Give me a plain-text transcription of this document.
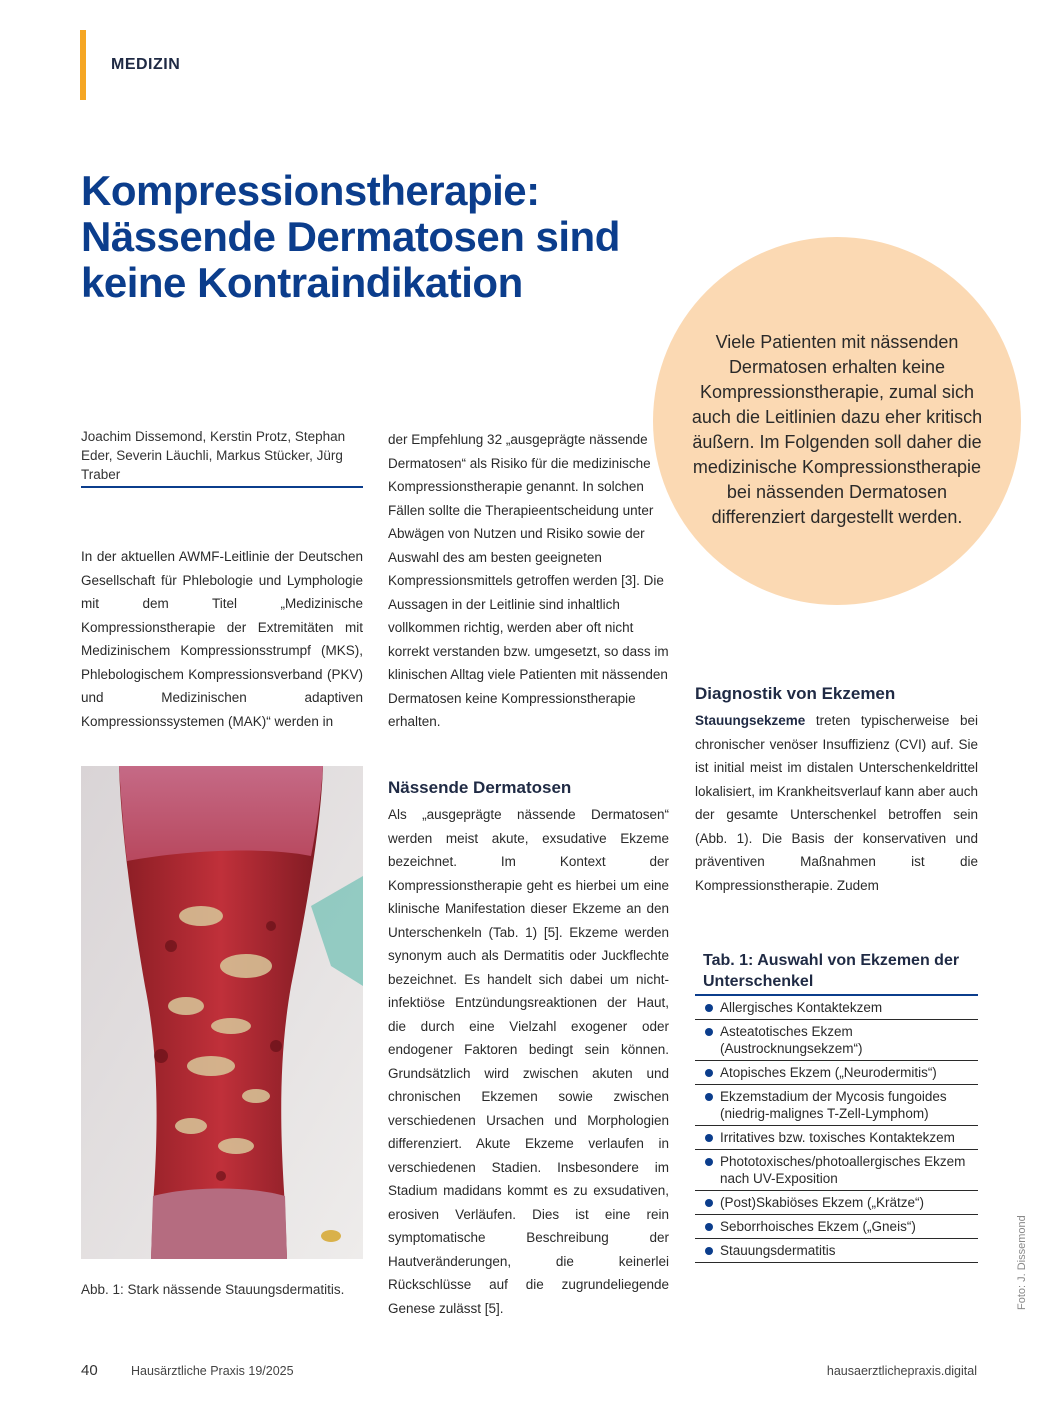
MEDIZIN
Kompressionstherapie: Nässende Dermatosen sind keine Kontraindikation

Viele Patienten mit nässenden Dermatosen erhalten keine Kompressionstherapie, zumal sich auch die Leitlinien dazu eher kritisch äußern. Im Folgenden soll daher die medizinische Kompressionstherapie bei nässenden Dermatosen differenziert dargestellt werden.

Joachim Dissemond, Kerstin Protz, Stephan Eder, Severin Läuchli, Markus Stücker, Jürg Traber

In der aktuellen AWMF-Leitlinie der Deutschen Gesellschaft für Phlebologie und Lymphologie mit dem Titel „Medizinische Kompressionstherapie der Extremitäten mit Medizinischem Kompressionsstrumpf (MKS), Phlebologischem Kompressionsverband (PKV) und Medizinischen adaptiven Kompressionssystemen (MAK)“ werden in

der Empfehlung 32 „ausgeprägte nässende Dermatosen“ als Risiko für die medizinische Kompressionstherapie genannt. In solchen Fällen sollte die Therapieentscheidung unter Abwägen von Nutzen und Risiko sowie der Auswahl des am besten geeigneten Kompressionsmittels getroffen werden [3]. Die Aussagen in der Leitlinie sind inhaltlich vollkommen richtig, werden aber oft nicht korrekt verstanden bzw. umgesetzt, so dass im klinischen Alltag viele Patienten mit nässenden Dermatosen keine Kompressionstherapie erhalten.

Nässende Dermatosen

Als „ausgeprägte nässende Dermatosen“ werden meist akute, exsudative Ekzeme bezeichnet. Im Kontext der Kompressionstherapie geht es hierbei um eine klinische Manifestation dieser Ekzeme an den Unterschenkeln (Tab. 1) [5]. Ekzeme werden synonym auch als Dermatitis oder Juckflechte bezeichnet. Es handelt sich dabei um nicht-infektiöse Entzündungsreaktionen der Haut, die durch eine Vielzahl exogener oder endogener Faktoren bedingt sein können. Grundsätzlich wird zwischen akuten und chronischen Ekzemen sowie zwischen verschiedenen Ursachen und Morphologien differenziert. Akute Ekzeme verlaufen in verschiedenen Stadien. Insbesondere im Stadium madidans kommt es zu exsudativen, erosiven Verläufen. Dies ist eine rein symptomatische Beschreibung der Hautveränderungen, die keinerlei Rückschlüsse auf die zugrundeliegende Genese zulässt [5].

Diagnostik von Ekzemen

Stauungsekzeme treten typischerweise bei chronischer venöser Insuffizienz (CVI) auf. Sie ist initial meist im distalen Unterschenkeldrittel lokalisiert, im Krankheitsverlauf kann aber auch der gesamte Unterschenkel betroffen sein (Abb. 1). Die Basis der konservativen und präventiven Maßnahmen ist die Kompressionstherapie. Zudem

Abb. 1: Stark nässende Stauungsdermatitis.

Tab. 1: Auswahl von Ekzemen der Unterschenkel

Allergisches Kontaktekzem
Asteatotisches Ekzem (Austrocknungsekzem“)
Atopisches Ekzem („Neurodermitis“)
Ekzemstadium der Mycosis fungoides (niedrig-malignes T-Zell-Lymphom)
Irritatives bzw. toxisches Kontaktekzem
Phototoxisches/photoallergisches Ekzem nach UV-Exposition
(Post)Skabiöses Ekzem („Krätze“)
Seborrhoisches Ekzem („Gneis“)
Stauungsdermatitis	Foto: J. Dissemond
40	Hausärztliche Praxis 19/2025	hausaerztlichepraxis.digital
